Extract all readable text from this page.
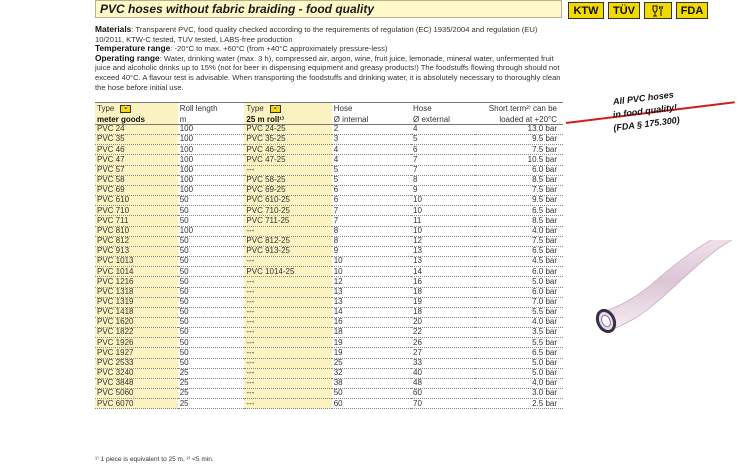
PVC hoses without fabric braiding - food quality	KTW	TÜV	FDA

Materials: Transparent PVC, food quality checked according to the requirements of regulation (EC) 1935/2004 and regulation (EU) 10/2011, KTW-C tested, TUV tested, LABS-free production

Temperature range: -20°C to max. +60°C (from +40°C approximately pressure-less)

Operating range: Water, drinking water (max. 3 h), compressed air, argon, wine, fruit juice, lemonade, mineral water, unfermented fruit juice and alcoholic drinks up to 15% (not for beer in dispensing equipment and greasy products!) The foodstuffs flowing through should not exceed 40°C. A flavour test is advisable. When transporting the foodstuffs and drinking water, it is absolutely necessary to thoroughly clean the hose before initial use.

Type 🍷	Roll length	Type 🍷	Hose	Hose	Short term²⁾ can be
meter goods	m	25 m roll¹⁾	Ø internal	Ø external	loaded at +20°C
PVC 24	100	PVC 24-25	2	4	13.0 bar
PVC 35	100	PVC 35-25	3	5	9.5 bar
PVC 46	100	PVC 46-25	4	6	7.5 bar
PVC 47	100	PVC 47-25	4	7	10.5 bar
PVC 57	100	---	5	7	6.0 bar
PVC 58	100	PVC 58-25	5	8	8.5 bar
PVC 69	100	PVC 69-25	6	9	7.5 bar
PVC 610	50	PVC 610-25	6	10	9.5 bar
PVC 710	50	PVC 710-25	7	10	6.5 bar
PVC 711	50	PVC 711-25	7	11	8.5 bar
PVC 810	100	---	8	10	4.0 bar
PVC 812	50	PVC 812-25	8	12	7.5 bar
PVC 913	50	PVC 913-25	9	13	6.5 bar
PVC 1013	50	---	10	13	4.5 bar
PVC 1014	50	PVC 1014-25	10	14	6.0 bar
PVC 1216	50	---	12	16	5.0 bar
PVC 1318	50	---	13	18	6.0 bar
PVC 1319	50	---	13	19	7.0 bar
PVC 1418	50	---	14	18	5.5 bar
PVC 1620	50	---	16	20	4.0 bar
PVC 1822	50	---	18	22	3.5 bar
PVC 1926	50	---	19	26	5.5 bar
PVC 1927	50	---	19	27	6.5 bar
PVC 2533	50	---	25	33	5.0 bar
PVC 3240	25	---	32	40	5.0 bar
PVC 3848	25	---	38	48	4.0 bar
PVC 5060	25	---	50	60	3.0 bar
PVC 6070	25	---	60	70	2.5 bar
¹⁾ 1 piece is equivalent to 25 m, ²⁾ <5 min.
All PVC hoses
in food quality!
(FDA § 175.300)
